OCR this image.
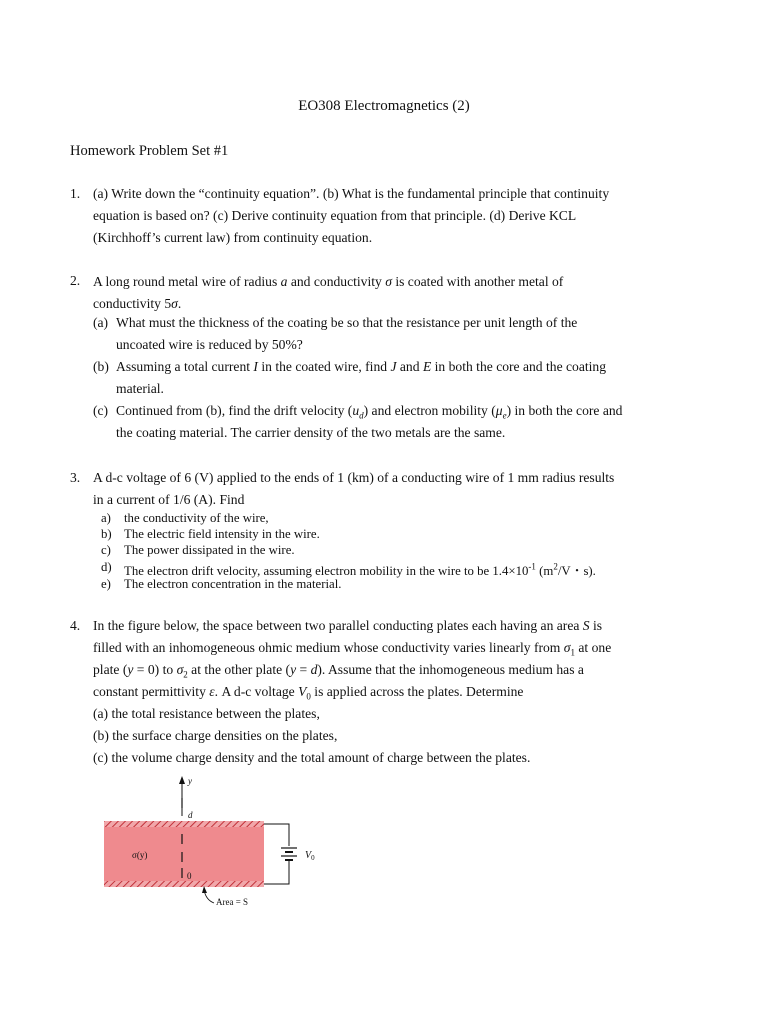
EO308 Electromagnetics (2)
Homework Problem Set #1
1. (a) Write down the “continuity equation”. (b) What is the fundamental principle that continuity
equation is based on? (c) Derive continuity equation from that principle. (d) Derive KCL
(Kirchhoff’s current law) from continuity equation.
2. A long round metal wire of radius a and conductivity σ is coated with another metal of
conductivity 5σ.
(a) What must the thickness of the coating be so that the resistance per unit length of the
uncoated wire is reduced by 50%?
(b) Assuming a total current I in the coated wire, find J and E in both the core and the coating
material.
(c) Continued from (b), find the drift velocity $(u_d)$ and electron mobility $(\mu_e)$ in both the core and
the coating material. The carrier density of the two metals are the same.
3. A d-c voltage of 6 (V) applied to the ends of 1 (km) of a conducting wire of 1 mm radius results
in a current of 1/6 (A). Find
a) the conductivity of the wire,
b) The electric field intensity in the wire.
c) The power dissipated in the wire.
d) The electron drift velocity, assuming electron mobility in the wire to be $1.4\times 10^{-1}$ ($m^2/V$・s).
e) The electron concentration in the material.
4. In the figure below, the space between two parallel conducting plates each having an area S is
filled with an inhomogeneous ohmic medium whose conductivity varies linearly from $\sigma_1$ at one
plate (y = 0) to $\sigma_2$ at the other plate (y = d). Assume that the inhomogeneous medium has a
constant permittivity ε. A d-c voltage $V_0$ is applied across the plates. Determine
(a) the total resistance between the plates,
(b) the surface charge densities on the plates,
(c) the volume charge density and the total amount of charge between the plates.
y
d
σ(y)
0
$V_0$
Area = S
